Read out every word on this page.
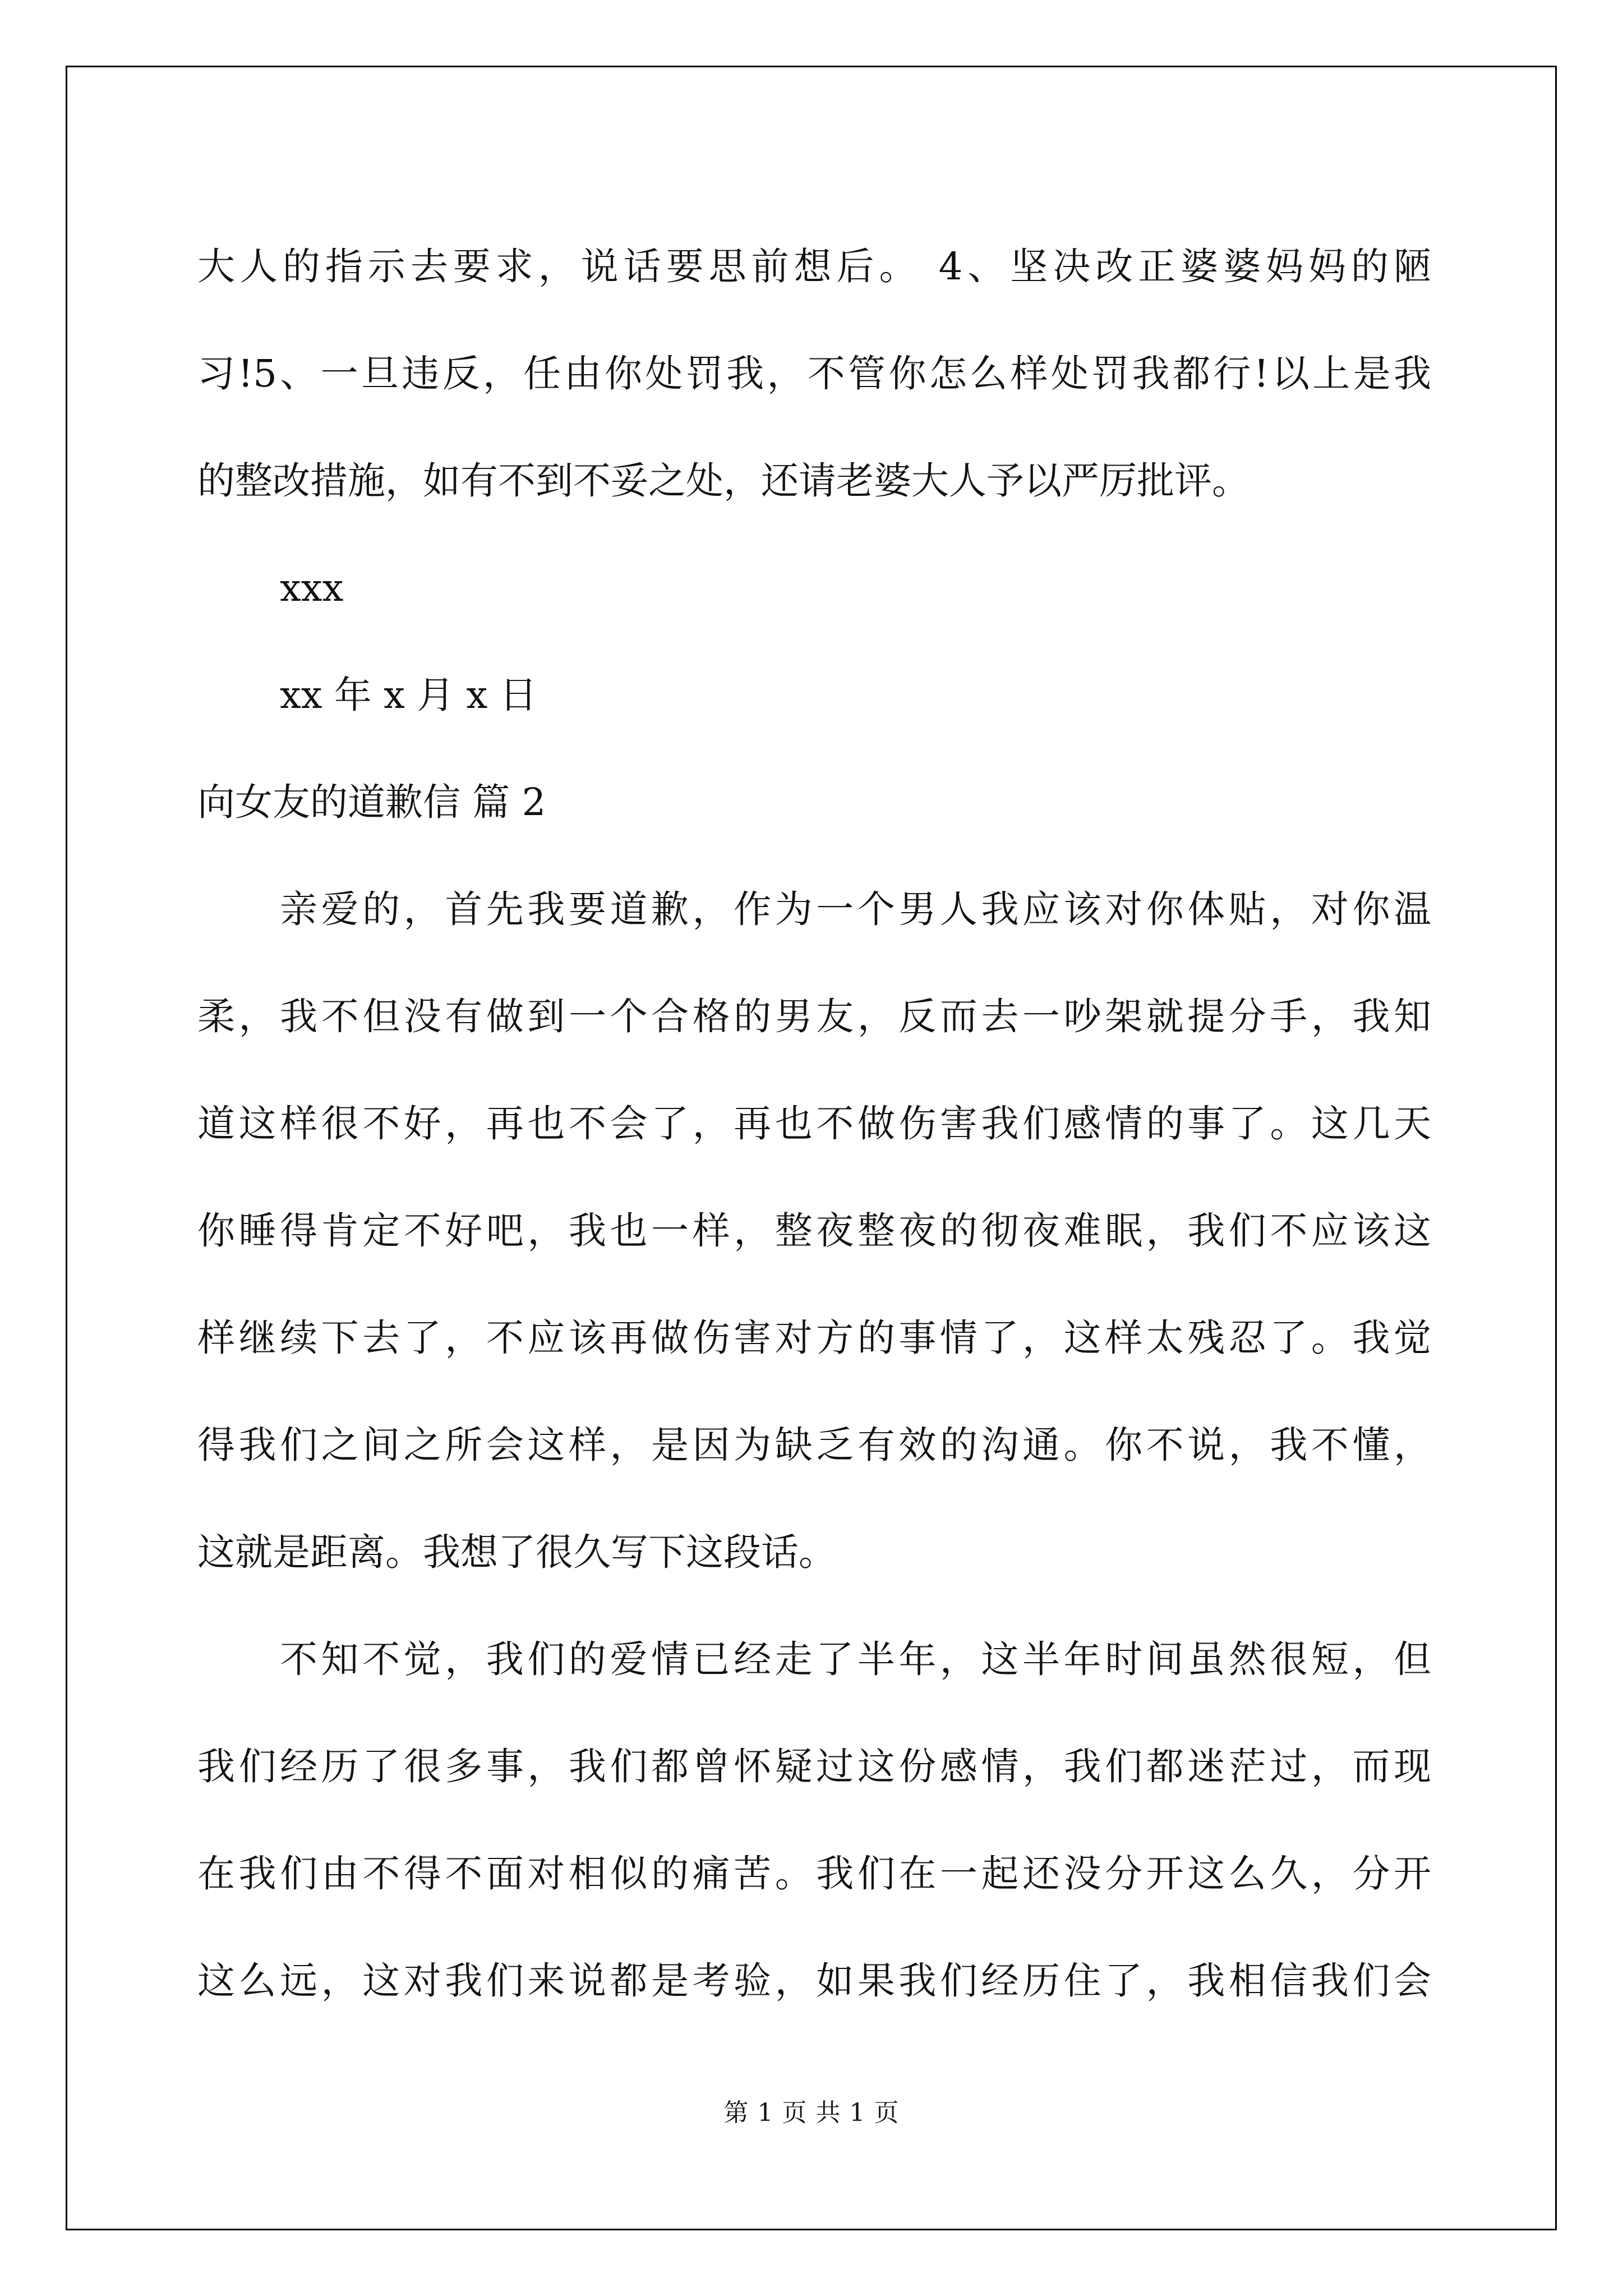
大人的指示去要求，说话要思前想后。 4、坚决改正婆婆妈妈的陋
习!5、一旦违反，任由你处罚我，不管你怎么样处罚我都行!以上是我
的整改措施，如有不到不妥之处，还请老婆大人予以严厉批评。
xxx
xx 年 x 月 x 日
向女友的道歉信 篇 2
亲爱的，首先我要道歉，作为一个男人我应该对你体贴，对你温
柔，我不但没有做到一个合格的男友，反而去一吵架就提分手，我知
道这样很不好，再也不会了，再也不做伤害我们感情的事了。这几天
你睡得肯定不好吧，我也一样，整夜整夜的彻夜难眠，我们不应该这
样继续下去了，不应该再做伤害对方的事情了，这样太残忍了。我觉
得我们之间之所会这样，是因为缺乏有效的沟通。你不说，我不懂，
这就是距离。我想了很久写下这段话。
不知不觉，我们的爱情已经走了半年，这半年时间虽然很短，但
我们经历了很多事，我们都曾怀疑过这份感情，我们都迷茫过，而现
在我们由不得不面对相似的痛苦。我们在一起还没分开这么久，分开
这么远，这对我们来说都是考验，如果我们经历住了，我相信我们会
第 1 页 共 1 页
